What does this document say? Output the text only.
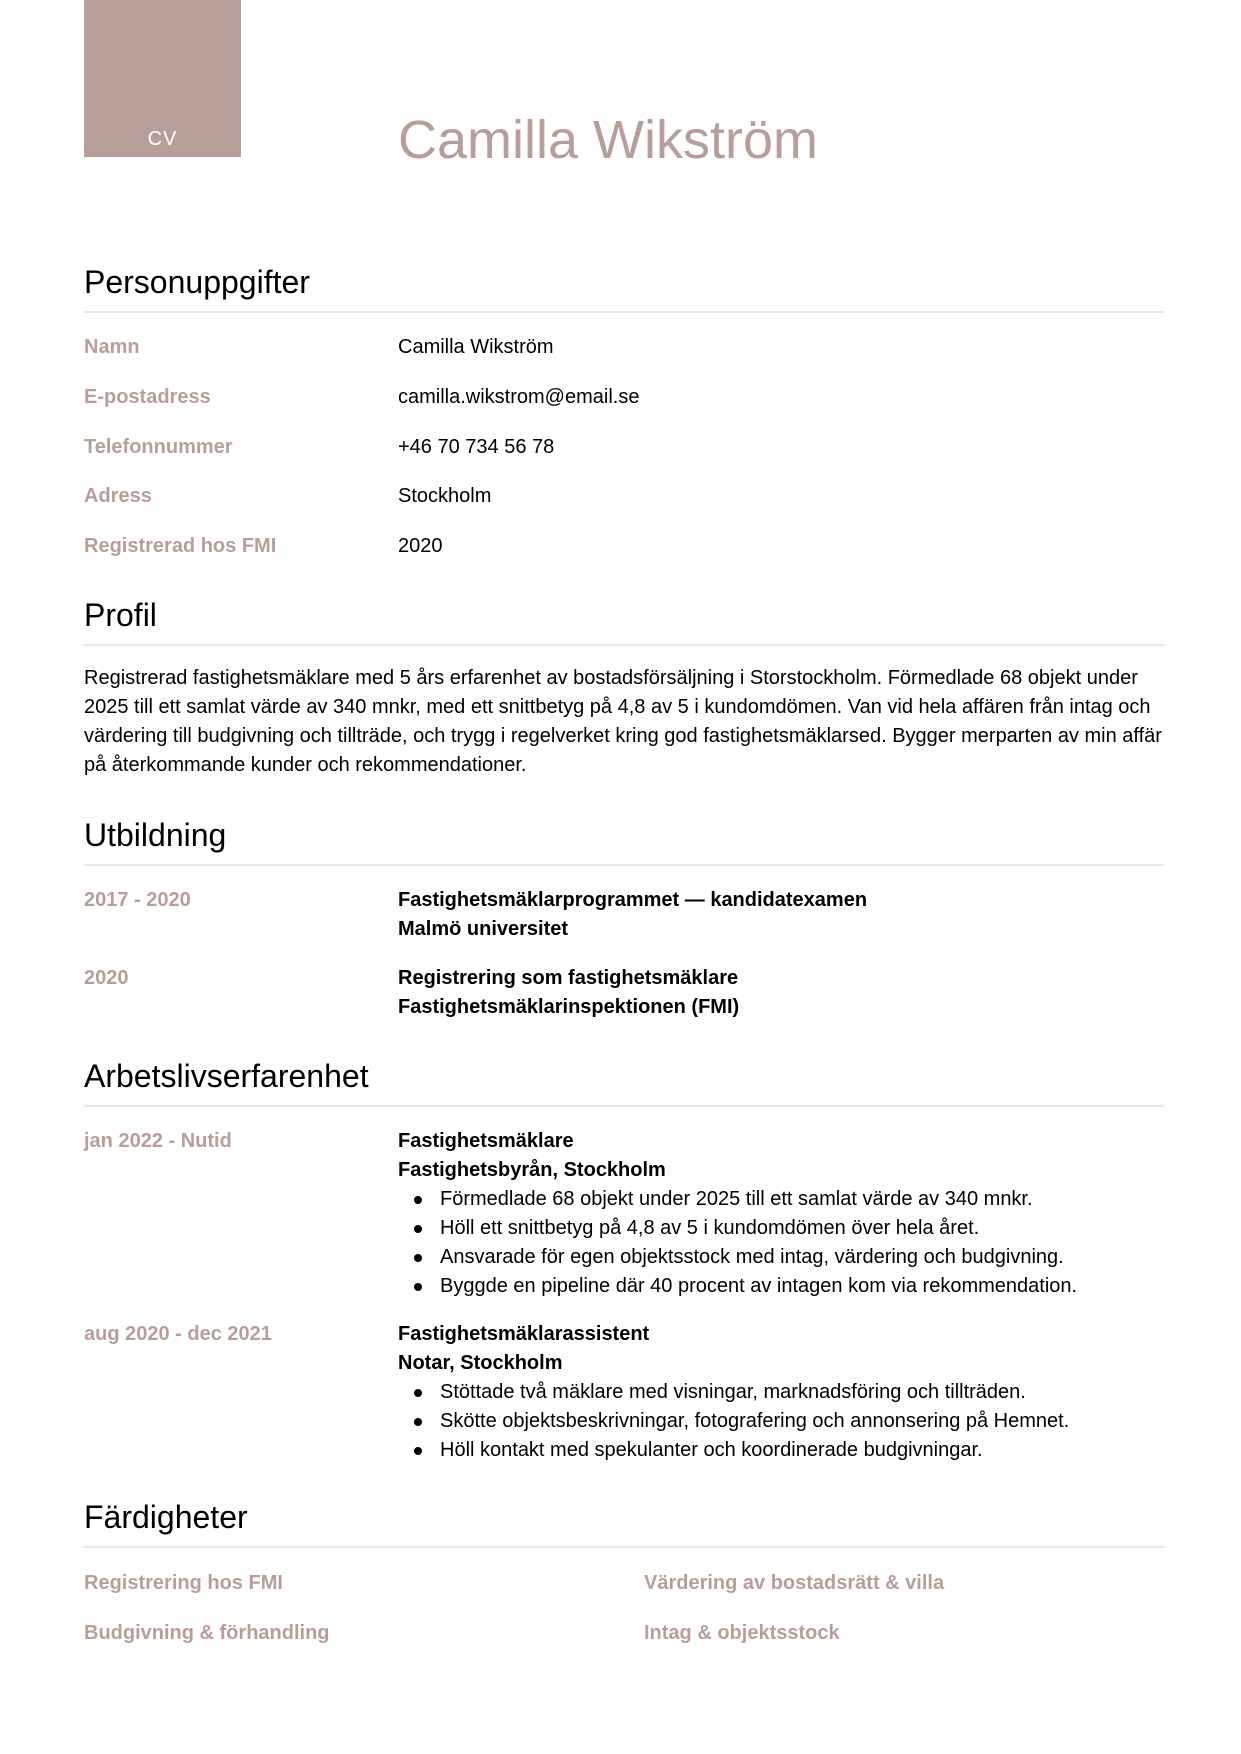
CV	Camilla Wikström
Personuppgifter
Namn	Camilla Wikström
E-postadress	camilla.wikstrom@email.se
Telefonnummer	+46 70 734 56 78
Adress	Stockholm
Registrerad hos FMI	2020
Profil

Registrerad fastighetsmäklare med 5 års erfarenhet av bostadsförsäljning i Storstockholm. Förmedlade 68 objekt under 2025 till ett samlat värde av 340 mnkr, med ett snittbetyg på 4,8 av 5 i kundomdömen. Van vid hela affären från intag och värdering till budgivning och tillträde, och trygg i regelverket kring god fastighetsmäklarsed. Bygger merparten av min affär på återkommande kunder och rekommendationer.

Utbildning
2017 - 2020	Fastighetsmäklarprogrammet — kandidatexamen
Malmö universitet
2020	Registrering som fastighetsmäklare
Fastighetsmäklarinspektionen (FMI)
Arbetslivserfarenhet
jan 2022 - Nutid	Fastighetsmäklare
Fastighetsbyrån, Stockholm
Förmedlade 68 objekt under 2025 till ett samlat värde av 340 mnkr.
Höll ett snittbetyg på 4,8 av 5 i kundomdömen över hela året.
Ansvarade för egen objektsstock med intag, värdering och budgivning.
Byggde en pipeline där 40 procent av intagen kom via rekommendation.
aug 2020 - dec 2021	Fastighetsmäklarassistent
Notar, Stockholm
Stöttade två mäklare med visningar, marknadsföring och tillträden.
Skötte objektsbeskrivningar, fotografering och annonsering på Hemnet.
Höll kontakt med spekulanter och koordinerade budgivningar.
Färdigheter
Registrering hos FMI	Värdering av bostadsrätt & villa
Budgivning & förhandling	Intag & objektsstock
